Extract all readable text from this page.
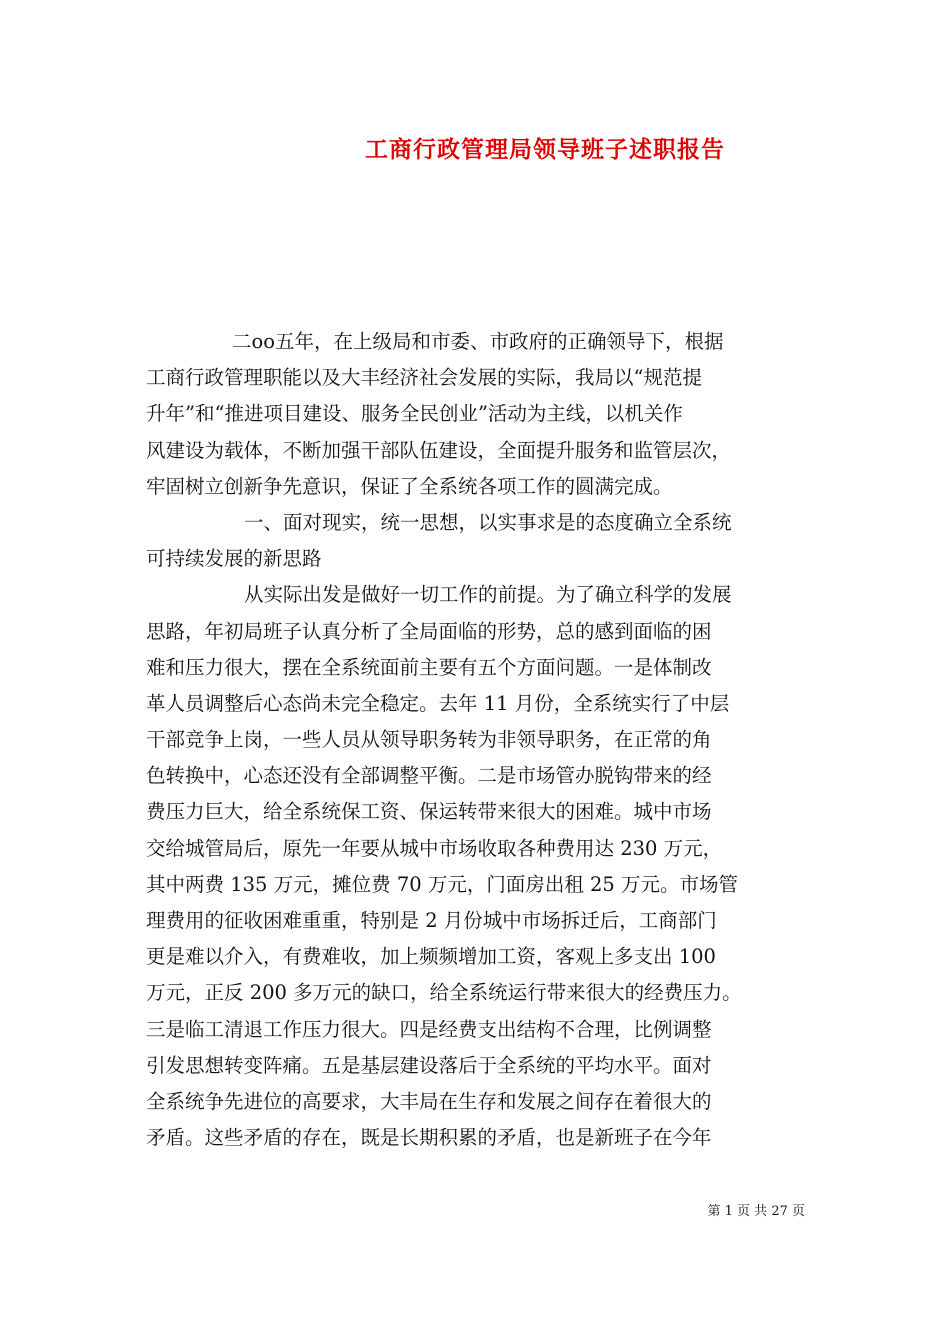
工商行政管理局领导班子述职报告
二oo五年，在上级局和市委、市政府的正确领导下，根据
工商行政管理职能以及大丰经济社会发展的实际，我局以“规范提
升年”和“推进项目建设、服务全民创业”活动为主线，以机关作
风建设为载体，不断加强干部队伍建设，全面提升服务和监管层次，
牢固树立创新争先意识，保证了全系统各项工作的圆满完成。
一、面对现实，统一思想，以实事求是的态度确立全系统
可持续发展的新思路
从实际出发是做好一切工作的前提。为了确立科学的发展
思路，年初局班子认真分析了全局面临的形势，总的感到面临的困
难和压力很大，摆在全系统面前主要有五个方面问题。一是体制改
革人员调整后心态尚未完全稳定。去年 11 月份，全系统实行了中层
干部竞争上岗，一些人员从领导职务转为非领导职务，在正常的角
色转换中，心态还没有全部调整平衡。二是市场管办脱钩带来的经
费压力巨大，给全系统保工资、保运转带来很大的困难。城中市场
交给城管局后，原先一年要从城中市场收取各种费用达 230 万元，
其中两费 135 万元，摊位费 70 万元，门面房出租 25 万元。市场管
理费用的征收困难重重，特别是 2 月份城中市场拆迁后，工商部门
更是难以介入，有费难收，加上频频增加工资，客观上多支出 100
万元，正反 200 多万元的缺口，给全系统运行带来很大的经费压力。
三是临工清退工作压力很大。四是经费支出结构不合理，比例调整
引发思想转变阵痛。五是基层建设落后于全系统的平均水平。面对
全系统争先进位的高要求，大丰局在生存和发展之间存在着很大的
矛盾。这些矛盾的存在，既是长期积累的矛盾，也是新班子在今年
第 1 页 共 27 页
